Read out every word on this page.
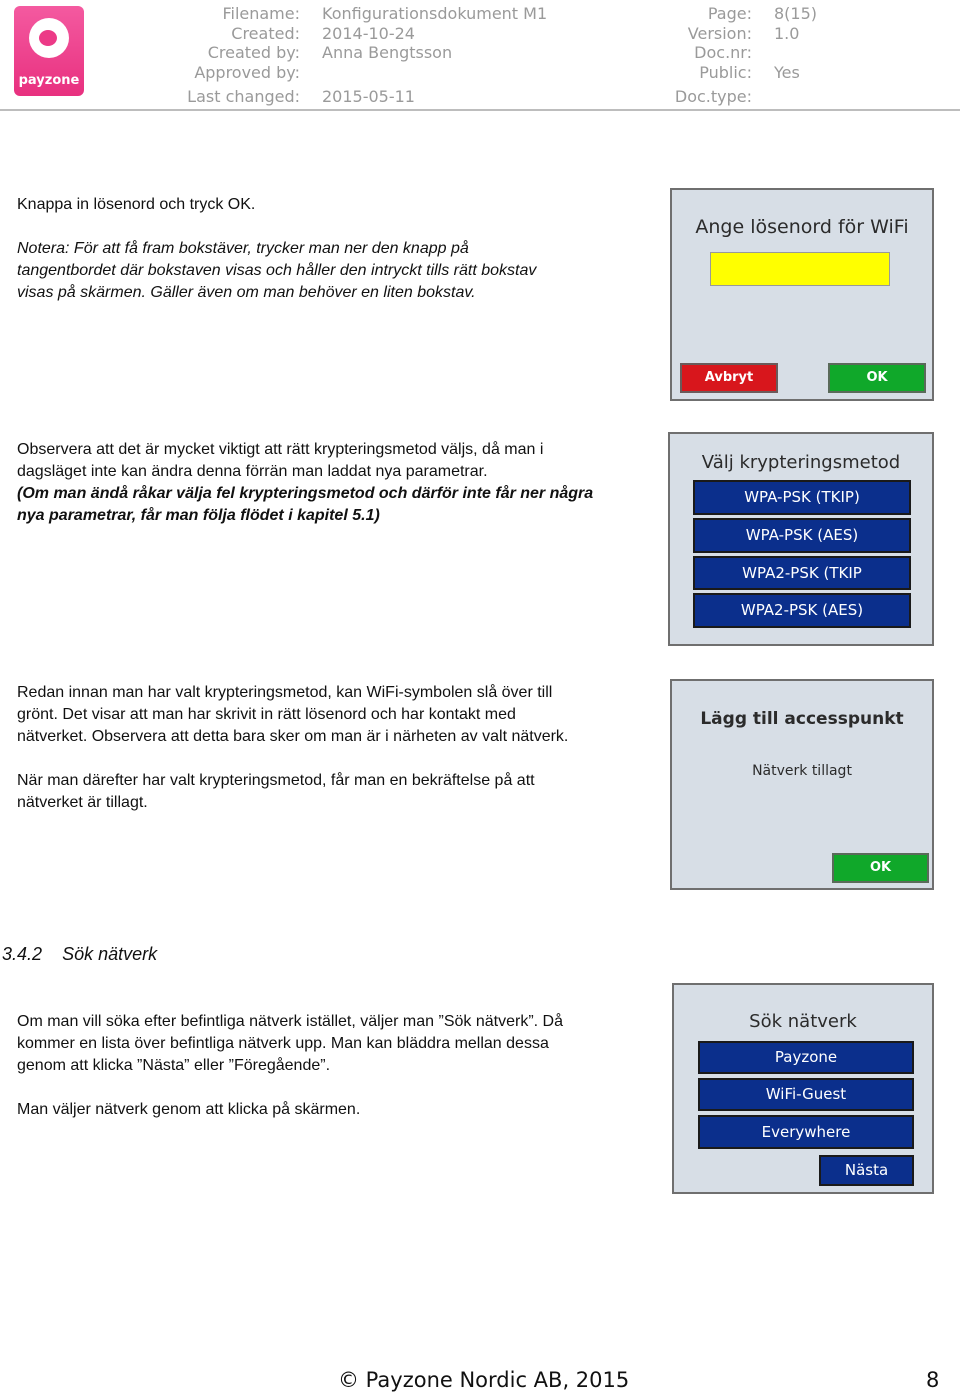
payzone
Filename: Konfigurationsdokument M1
Created: 2014-10-24
Created by: Anna Bengtsson
Approved by:
Last changed: 2015-05-11
Page: 8(15)
Version: 1.0
Doc.nr:
Public: Yes
Doc.type:
Knappa in lösenord och tryck OK.
Notera: För att få fram bokstäver, trycker man ner den knapp på
tangentbordet där bokstaven visas och håller den intryckt tills rätt bokstav
visas på skärmen. Gäller även om man behöver en liten bokstav.
Ange lösenord för WiFi
Avbryt	OK
Observera att det är mycket viktigt att rätt krypteringsmetod väljs, då man i
dagsläget inte kan ändra denna förrän man laddat nya parametrar.
(Om man ändå råkar välja fel krypteringsmetod och därför inte får ner några
nya parametrar, får man följa flödet i kapitel 5.1)
Välj krypteringsmetod
WPA-PSK (TKIP)
WPA-PSK (AES)
WPA2-PSK (TKIP
WPA2-PSK (AES)
Redan innan man har valt krypteringsmetod, kan WiFi-symbolen slå över till
grönt. Det visar att man har skrivit in rätt lösenord och har kontakt med
nätverket. Observera att detta bara sker om man är i närheten av valt nätverk.
När man därefter har valt krypteringsmetod, får man en bekräftelse på att
nätverket är tillagt.
Lägg till accesspunkt
Nätverk tillagt
OK
3.4.2 Sök nätverk
Om man vill söka efter befintliga nätverk istället, väljer man ”Sök nätverk”. Då
kommer en lista över befintliga nätverk upp. Man kan bläddra mellan dessa
genom att klicka ”Nästa” eller ”Föregående”.
Man väljer nätverk genom att klicka på skärmen.
Sök nätverk
Payzone
WiFi-Guest
Everywhere
Nästa
© Payzone Nordic AB, 2015	8
